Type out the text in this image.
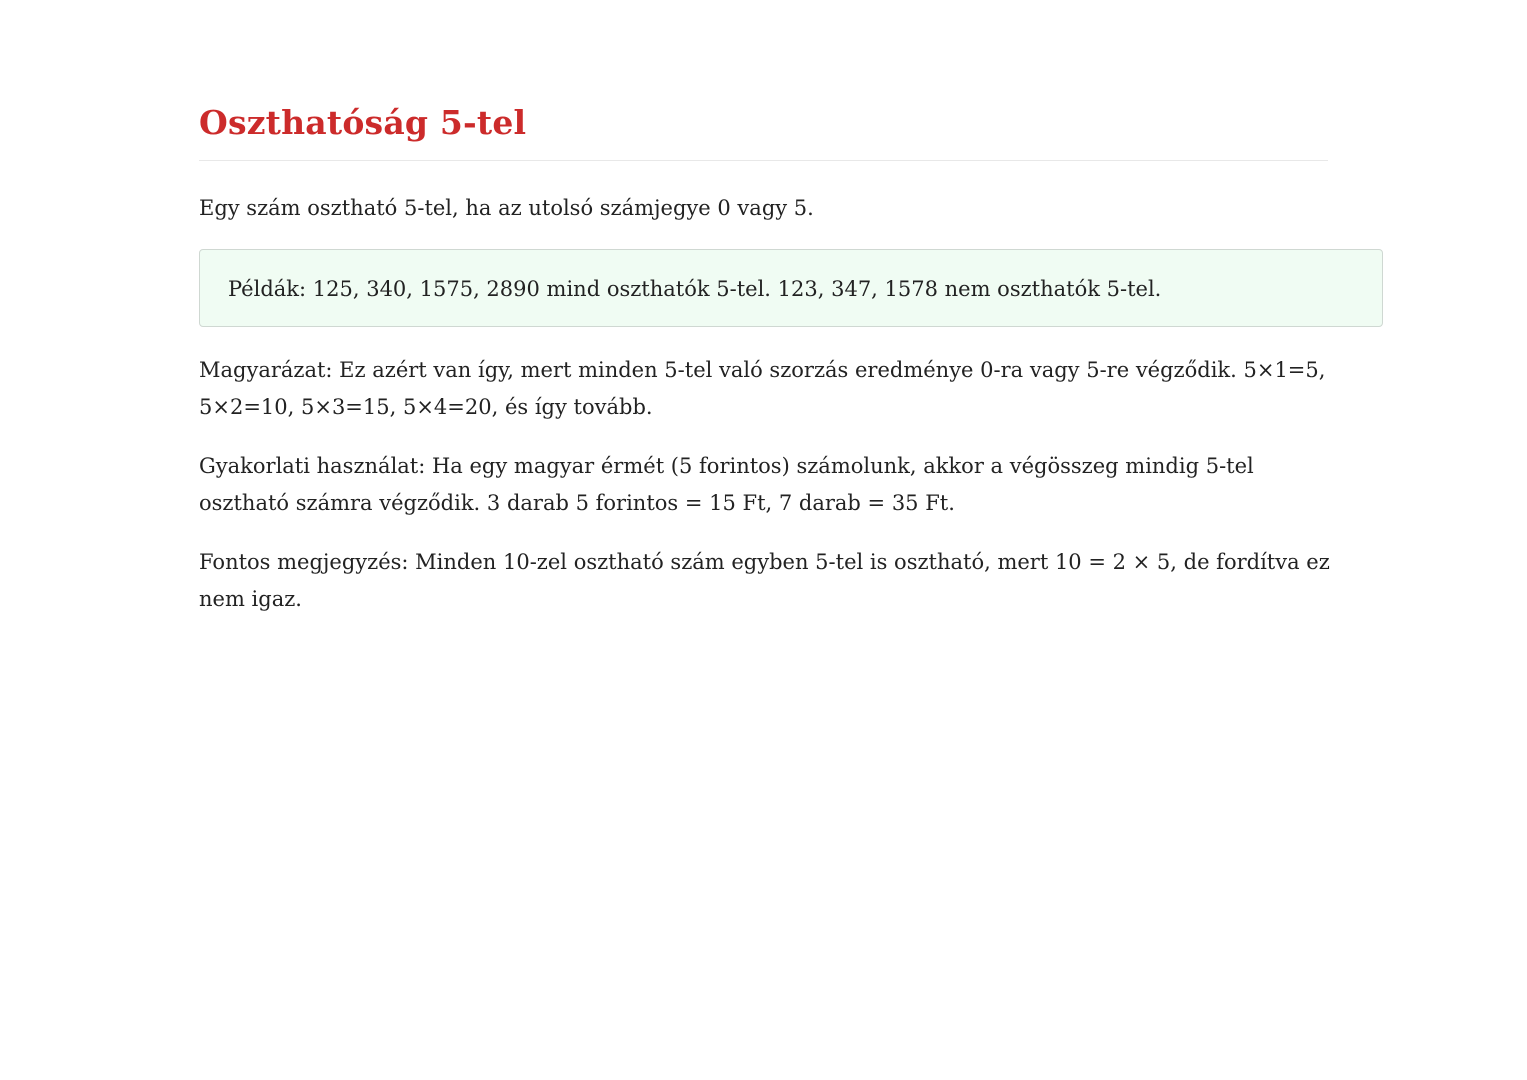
Oszthatóság 5-tel

Egy szám osztható 5-tel, ha az utolsó számjegye 0 vagy 5.

Példák: 125, 340, 1575, 2890 mind oszthatók 5-tel. 123, 347, 1578 nem oszthatók 5-tel.

Magyarázat: Ez azért van így, mert minden 5-tel való szorzás eredménye 0-ra vagy 5-re végződik. 5×1=5, 5×2=10, 5×3=15, 5×4=20, és így tovább.

Gyakorlati használat: Ha egy magyar érmét (5 forintos) számolunk, akkor a végösszeg mindig 5-tel osztható számra végződik. 3 darab 5 forintos = 15 Ft, 7 darab = 35 Ft.

Fontos megjegyzés: Minden 10-zel osztható szám egyben 5-tel is osztható, mert 10 = 2 × 5, de fordítva ez nem igaz.
